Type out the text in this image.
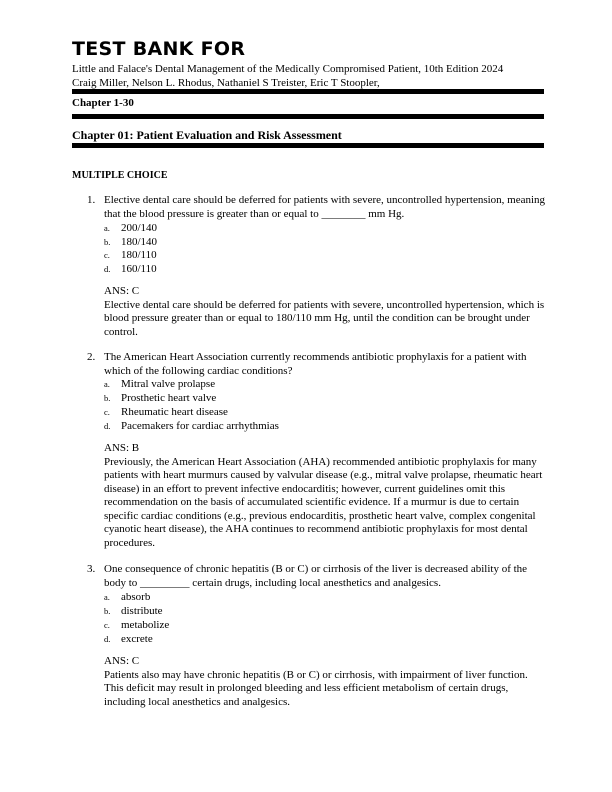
TEST BANK FOR
Little and Falace's Dental Management of the Medically Compromised Patient, 10th Edition 2024
Craig Miller, Nelson L. Rhodus, Nathaniel S Treister, Eric T Stoopler,
Chapter 1-30
Chapter 01: Patient Evaluation and Risk Assessment
MULTIPLE CHOICE
1. Elective dental care should be deferred for patients with severe, uncontrolled hypertension, meaning that the blood pressure is greater than or equal to ________ mm Hg.
a. 200/140
b. 180/140
c. 180/110
d. 160/110
ANS: C
Elective dental care should be deferred for patients with severe, uncontrolled hypertension, which is blood pressure greater than or equal to 180/110 mm Hg, until the condition can be brought under control.
2. The American Heart Association currently recommends antibiotic prophylaxis for a patient with which of the following cardiac conditions?
a. Mitral valve prolapse
b. Prosthetic heart valve
c. Rheumatic heart disease
d. Pacemakers for cardiac arrhythmias
ANS: B
Previously, the American Heart Association (AHA) recommended antibiotic prophylaxis for many patients with heart murmurs caused by valvular disease (e.g., mitral valve prolapse, rheumatic heart disease) in an effort to prevent infective endocarditis; however, current guidelines omit this recommendation on the basis of accumulated scientific evidence. If a murmur is due to certain specific cardiac conditions (e.g., previous endocarditis, prosthetic heart valve, complex congenital cyanotic heart disease), the AHA continues to recommend antibiotic prophylaxis for most dental procedures.
3. One consequence of chronic hepatitis (B or C) or cirrhosis of the liver is decreased ability of the body to _________ certain drugs, including local anesthetics and analgesics.
a. absorb
b. distribute
c. metabolize
d. excrete
ANS: C
Patients also may have chronic hepatitis (B or C) or cirrhosis, with impairment of liver function. This deficit may result in prolonged bleeding and less efficient metabolism of certain drugs, including local anesthetics and analgesics.
